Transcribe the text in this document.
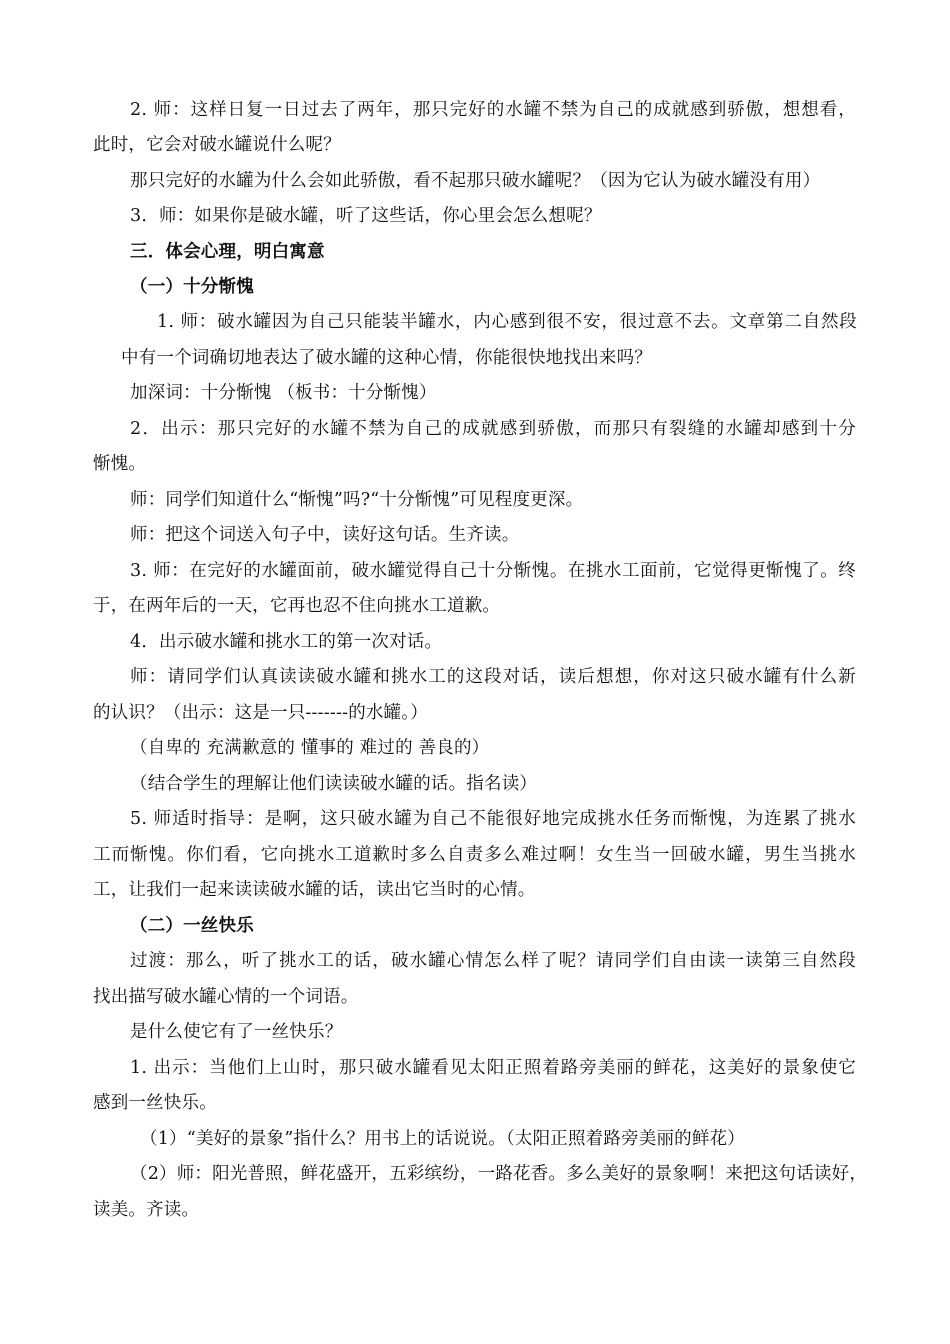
2. 师：这样日复一日过去了两年，那只完好的水罐不禁为自己的成就感到骄傲，想想看，

此时，它会对破水罐说什么呢？

那只完好的水罐为什么会如此骄傲，看不起那只破水罐呢？（因为它认为破水罐没有用）

3．师：如果你是破水罐，听了这些话，你心里会怎么想呢？

三．体会心理，明白寓意

（一）十分惭愧

1. 师：破水罐因为自己只能装半罐水，内心感到很不安，很过意不去。文章第二自然段

中有一个词确切地表达了破水罐的这种心情，你能很快地找出来吗？

加深词：十分惭愧 （板书：十分惭愧）

2．出示：那只完好的水罐不禁为自己的成就感到骄傲，而那只有裂缝的水罐却感到十分

惭愧。

师：同学们知道什么“惭愧”吗?“十分惭愧”可见程度更深。

师：把这个词送入句子中，读好这句话。生齐读。

3. 师：在完好的水罐面前，破水罐觉得自己十分惭愧。在挑水工面前，它觉得更惭愧了。终

于，在两年后的一天，它再也忍不住向挑水工道歉。

4．出示破水罐和挑水工的第一次对话。

师：请同学们认真读读破水罐和挑水工的这段对话，读后想想，你对这只破水罐有什么新

的认识？（出示：这是一只-------的水罐。）

（自卑的 充满歉意的 懂事的 难过的 善良的）

（结合学生的理解让他们读读破水罐的话。指名读）

5. 师适时指导：是啊，这只破水罐为自己不能很好地完成挑水任务而惭愧，为连累了挑水

工而惭愧。你们看，它向挑水工道歉时多么自责多么难过啊！女生当一回破水罐，男生当挑水

工，让我们一起来读读破水罐的话，读出它当时的心情。

（二）一丝快乐

过渡：那么，听了挑水工的话，破水罐心情怎么样了呢？请同学们自由读一读第三自然段

找出描写破水罐心情的一个词语。

是什么使它有了一丝快乐？

1. 出示：当他们上山时，那只破水罐看见太阳正照着路旁美丽的鲜花，这美好的景象使它

感到一丝快乐。

（1）“美好的景象”指什么？用书上的话说说。（太阳正照着路旁美丽的鲜花）

（2）师：阳光普照，鲜花盛开，五彩缤纷，一路花香。多么美好的景象啊！来把这句话读好，

读美。齐读。
